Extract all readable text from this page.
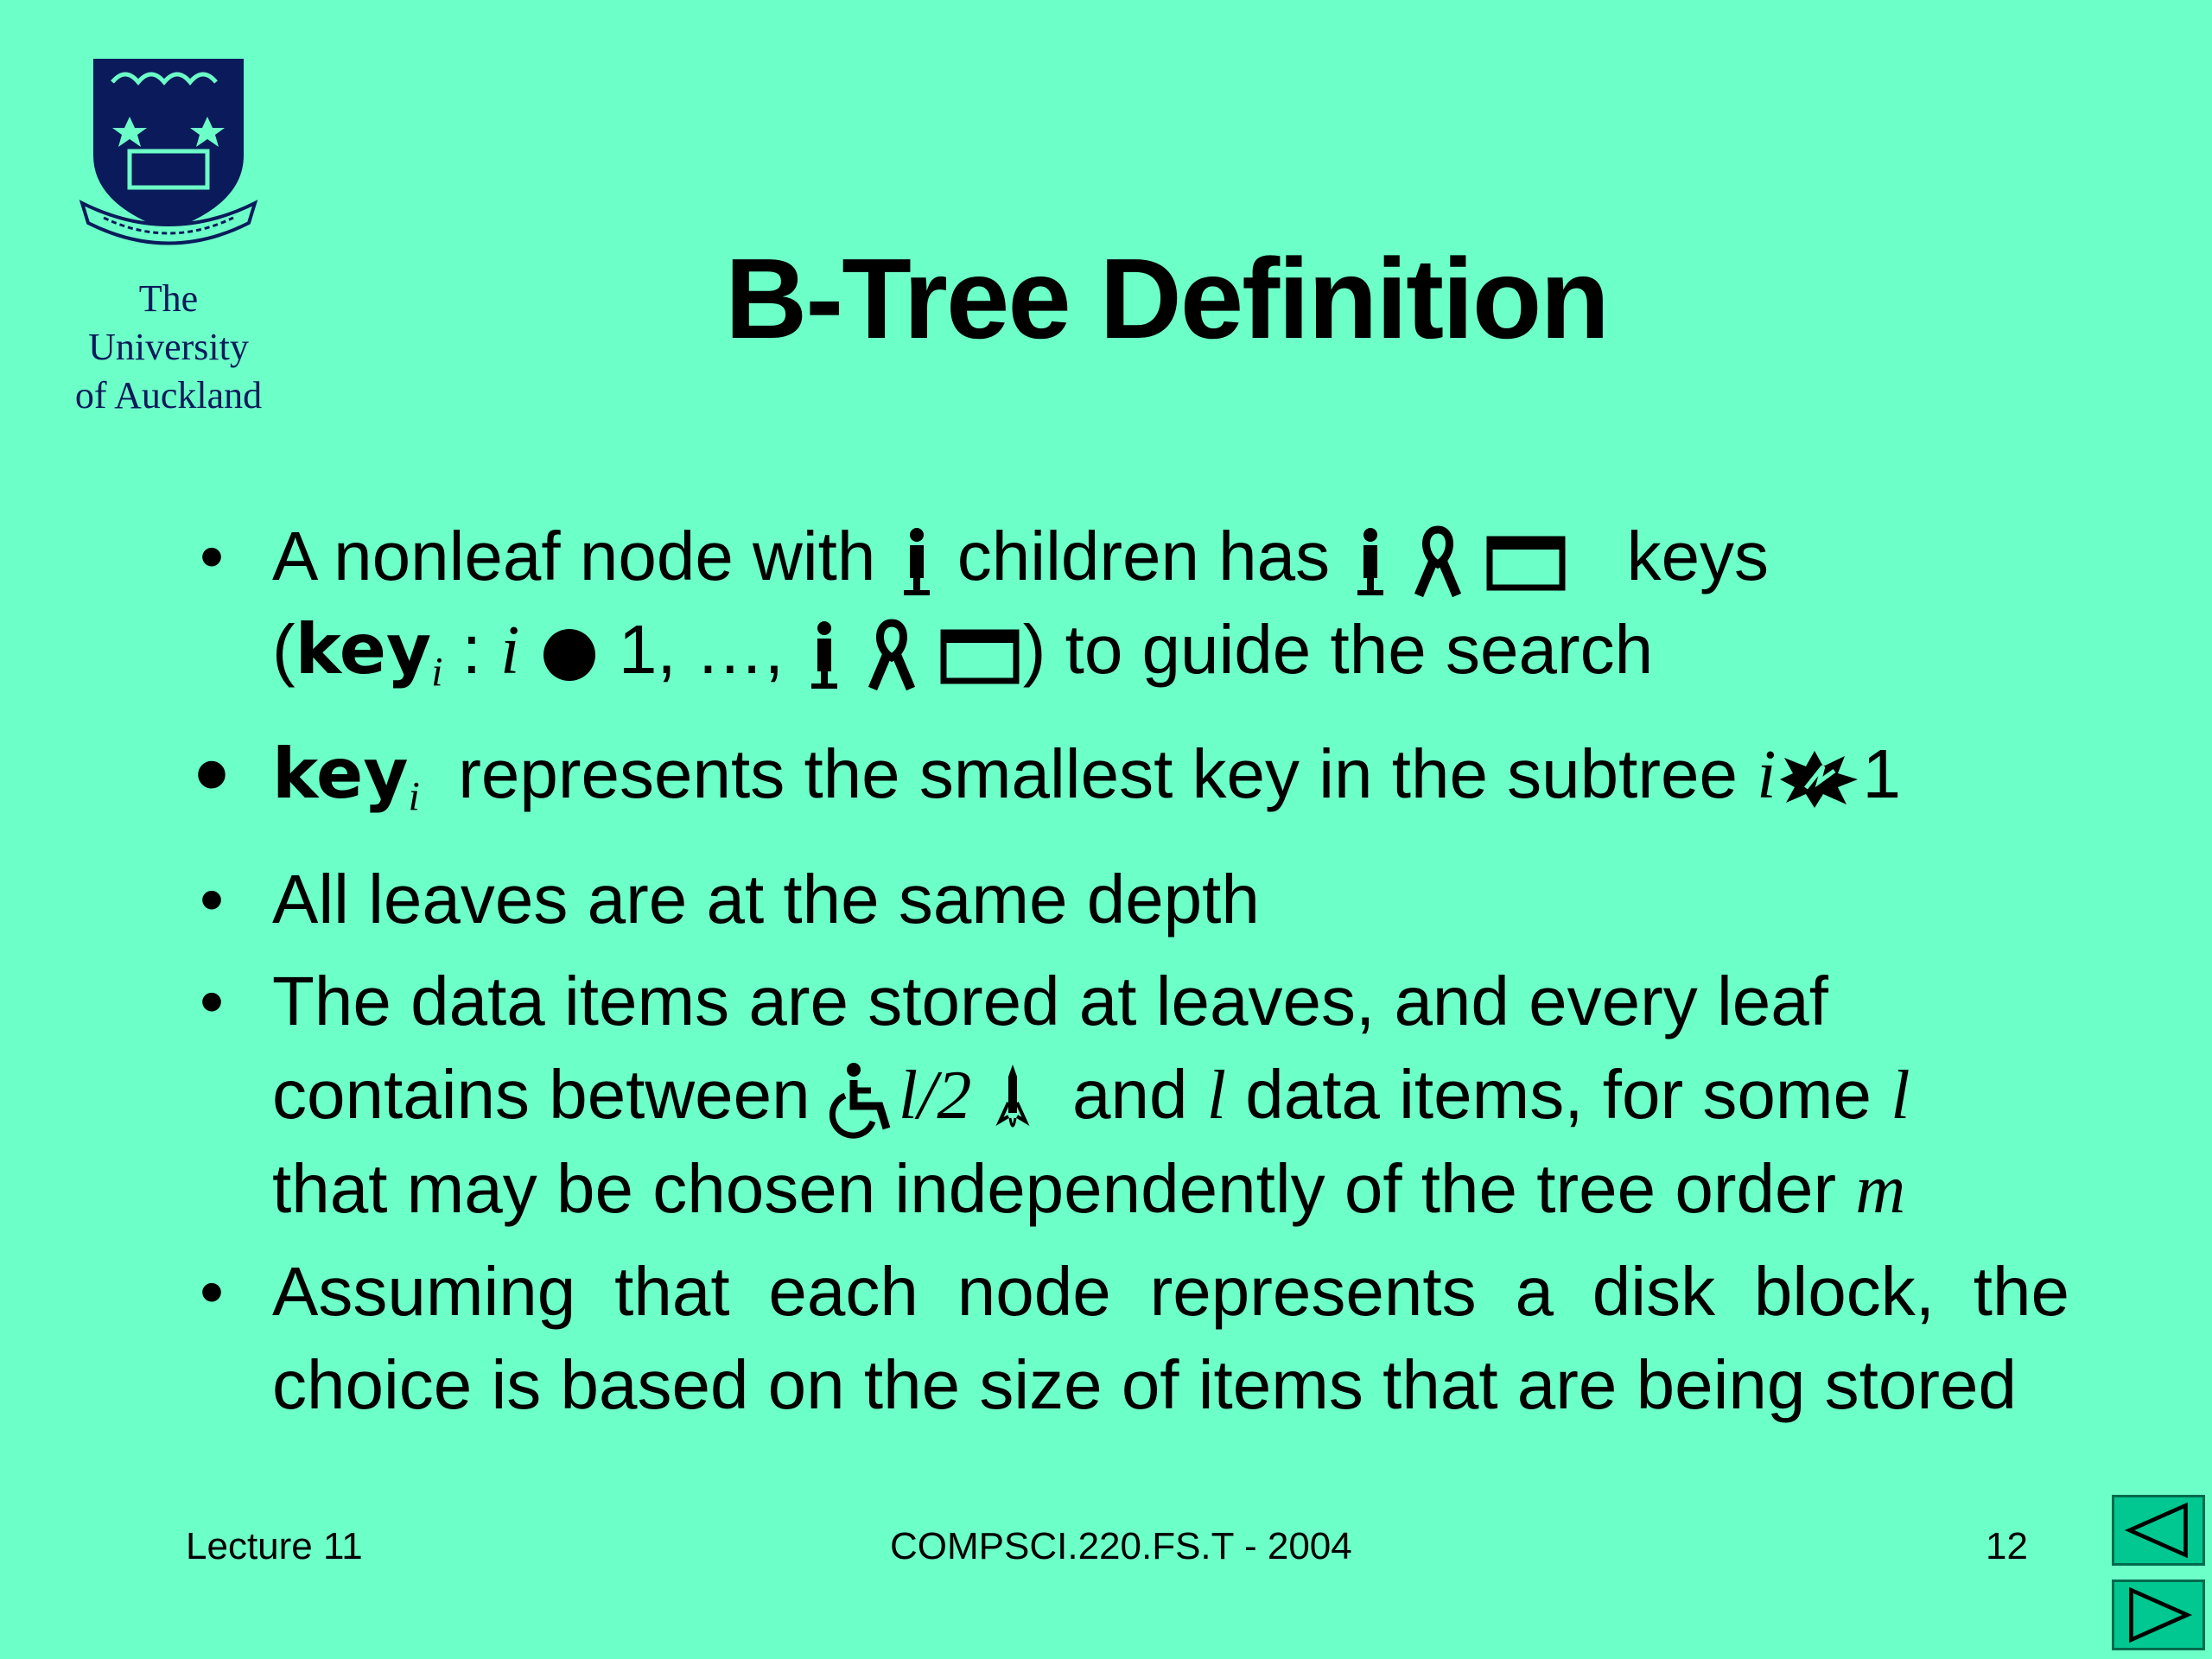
The
University
of Auckland
B-Tree Definition
• A nonleaf node with children has	keys
(key$_i$ : i 1, …,	) to guide the search
• key$_i$ represents the smallest key in the subtree i 1
• All leaves are at the same depth
• The data items are stored at leaves, and every leaf
contains between l/2 and l data items, for some l
that may be chosen independently of the tree order m
• Assuming that each node represents a disk block, the
choice is based on the size of items that are being stored
Lecture 11	COMPSCI.220.FS.T - 2004	12
